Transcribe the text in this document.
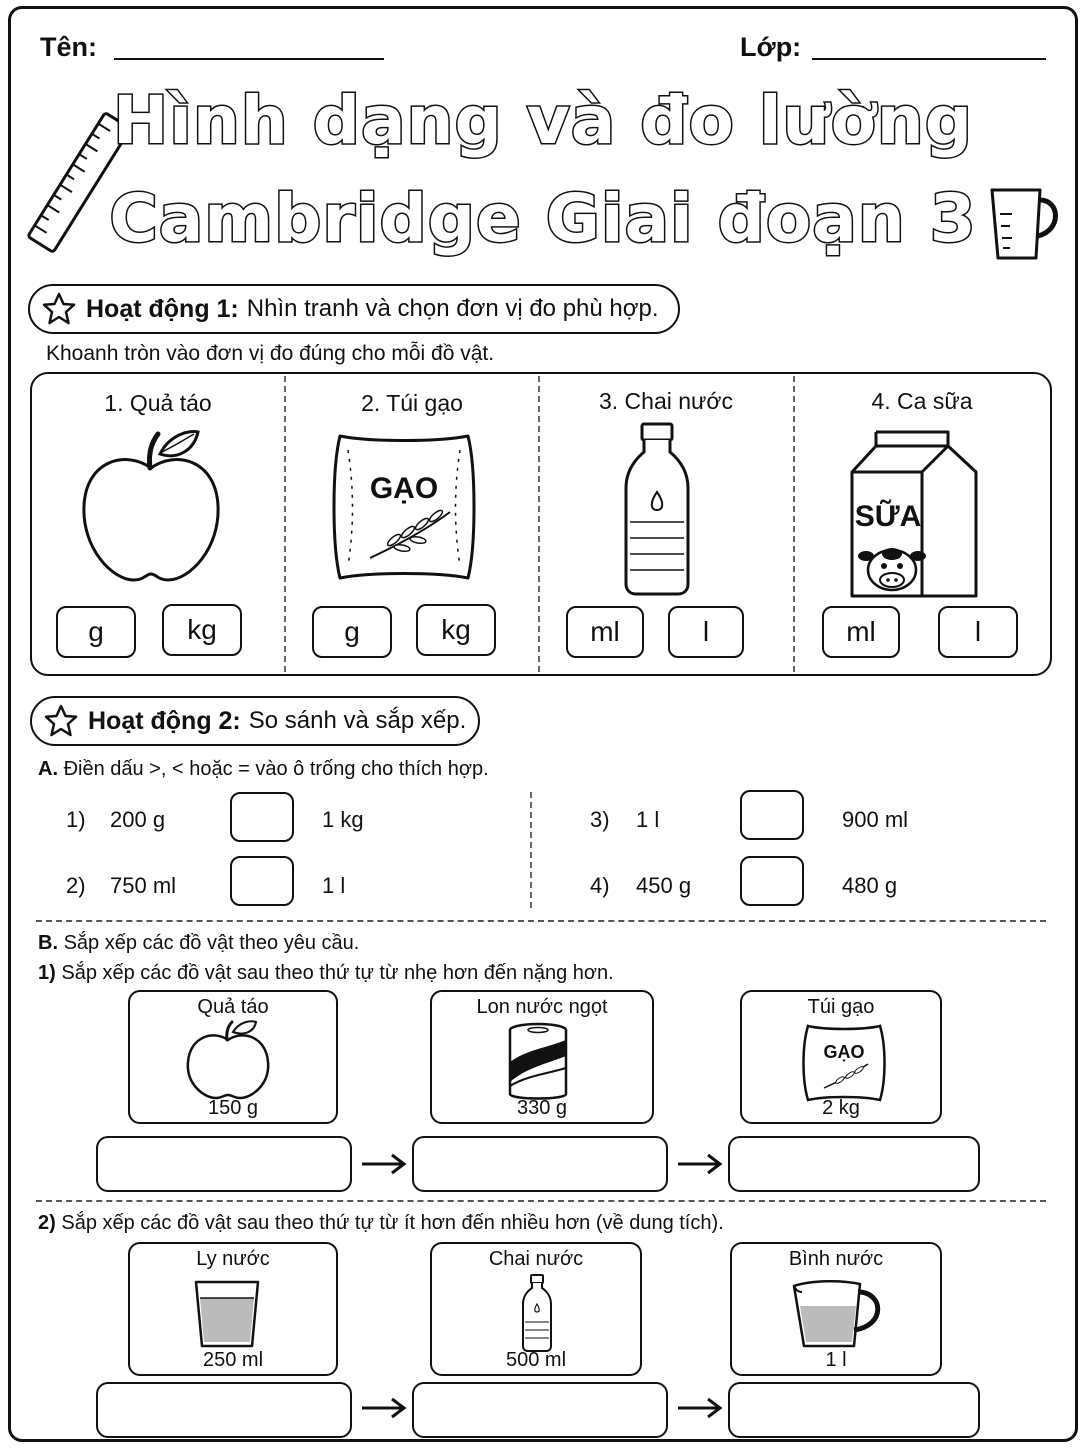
Tên:	Lớp:
Hình dạng và đo lường
Cambridge Giai đoạn 3
Hoạt động 1: Nhìn tranh và chọn đơn vị đo phù hợp.
Khoanh tròn vào đơn vị đo đúng cho mỗi đồ vật.
1. Quả táo
g	kg
2. Túi gạo
GẠO
g	kg
3. Chai nước
ml	l
4. Ca sữa
SỮA
ml	l
Hoạt động 2: So sánh và sắp xếp.
A. Điền dấu >, < hoặc = vào ô trống cho thích hợp.
1) 200 g	1 kg
2) 750 ml	1 l
3) 1 l	900 ml
4) 450 g	480 g
B. Sắp xếp các đồ vật theo yêu cầu.
1) Sắp xếp các đồ vật sau theo thứ tự từ nhẹ hơn đến nặng hơn.
Quả táo
150 g
Lon nước ngọt
330 g
Túi gạo
GẠO
2 kg
2) Sắp xếp các đồ vật sau theo thứ tự từ ít hơn đến nhiều hơn (về dung tích).
Ly nước
250 ml
Chai nước
500 ml
Bình nước
1 l
